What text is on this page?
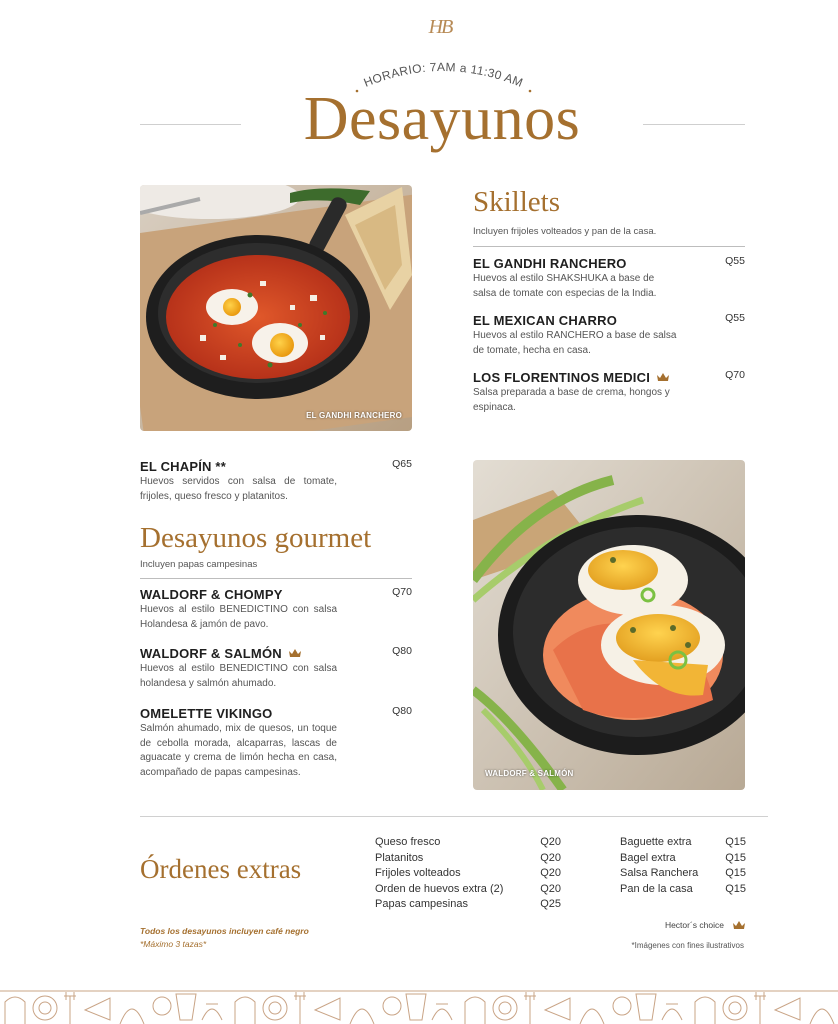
HB
HORARIO: 7AM a 11:30 AM
Desayunos
EL GANDHI RANCHERO
Skillets
Incluyen frijoles volteados y pan de la casa.
EL GANDHI RANCHERO	Q55
Huevos al estilo SHAKSHUKA a base de salsa de tomate con especias de la India.
EL MEXICAN CHARRO	Q55
Huevos al estilo RANCHERO a base de salsa de tomate, hecha en casa.
LOS FLORENTINOS MEDICI	Q70
Salsa preparada a base de crema, hongos y espinaca.
EL CHAPÍN **	Q65
Huevos servidos con salsa de tomate, frijoles, queso fresco y platanitos.
Desayunos gourmet
Incluyen papas campesinas
WALDORF & CHOMPY	Q70
Huevos al estilo BENEDICTINO con salsa Holandesa & jamón de pavo.
WALDORF & SALMÓN	Q80
Huevos al estilo BENEDICTINO con salsa holandesa y salmón ahumado.
OMELETTE VIKINGO	Q80
Salmón ahumado, mix de quesos, un toque de cebolla morada, alcaparras, lascas de aguacate y crema de limón hecha en casa, acompañado de papas campesinas.	WALDORF & SALMÓN
Órdenes extras
Queso fresco	Q20
Platanitos	Q20
Frijoles volteados	Q20
Orden de huevos extra (2)	Q20
Papas campesinas	Q25
Baguette extra	Q15
Bagel extra	Q15
Salsa Ranchera Q15
Pan de la casa	Q15
Todos los desayunos incluyen café negro
*Máximo 3 tazas*
Hector´s choice
*Imágenes con fines ilustrativos
